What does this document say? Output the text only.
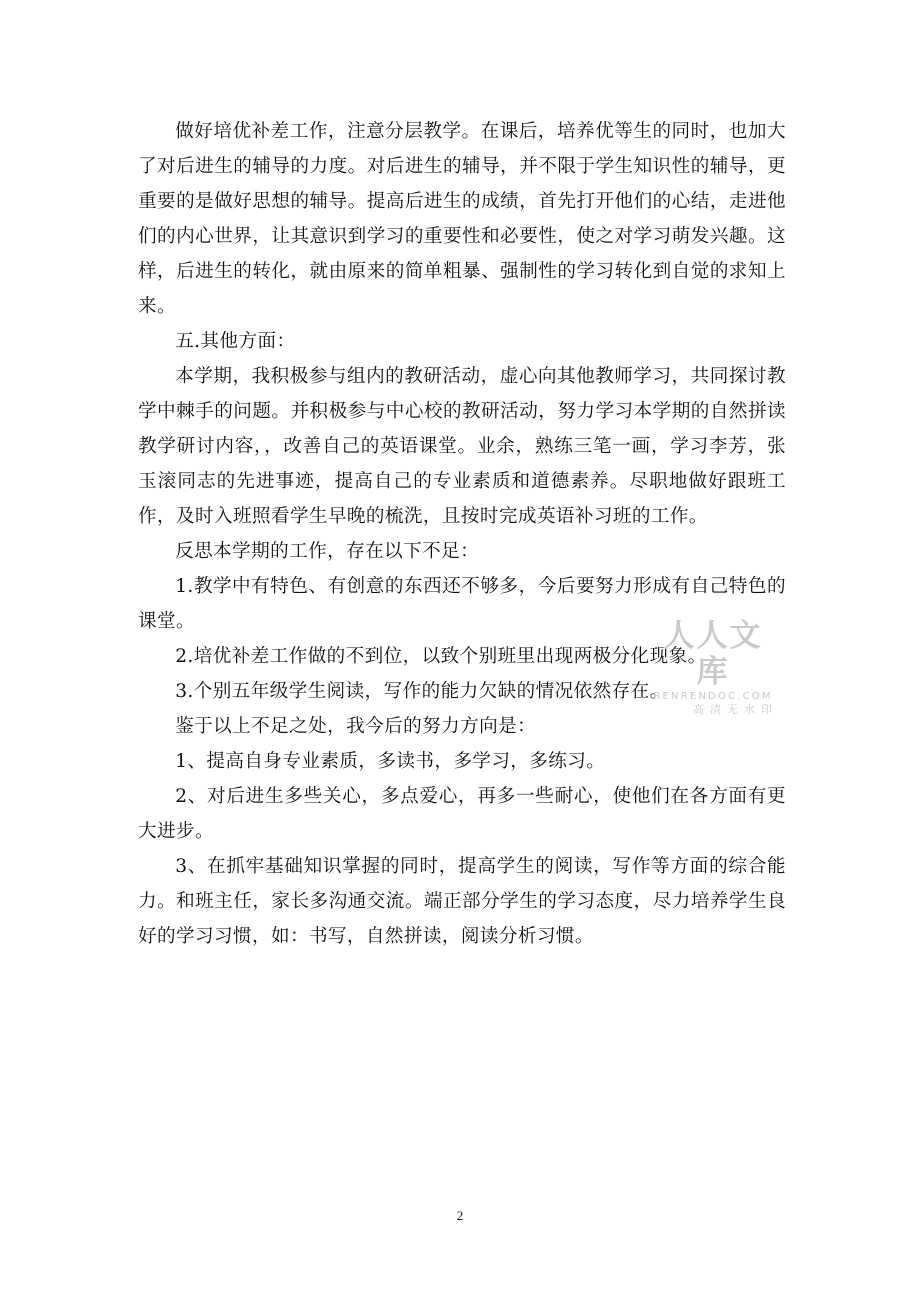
做好培优补差工作，注意分层教学。在课后，培养优等生的同时，也加大了对后进生的辅导的力度。对后进生的辅导，并不限于学生知识性的辅导，更重要的是做好思想的辅导。提高后进生的成绩，首先打开他们的心结，走进他们的内心世界，让其意识到学习的重要性和必要性，使之对学习萌发兴趣。这样，后进生的转化，就由原来的简单粗暴、强制性的学习转化到自觉的求知上来。

五.其他方面：

本学期，我积极参与组内的教研活动，虚心向其他教师学习，共同探讨教学中棘手的问题。并积极参与中心校的教研活动，努力学习本学期的自然拼读教学研讨内容，，改善自己的英语课堂。业余，熟练三笔一画，学习李芳，张玉滚同志的先进事迹，提高自己的专业素质和道德素养。尽职地做好跟班工作，及时入班照看学生早晚的梳洗，且按时完成英语补习班的工作。

反思本学期的工作，存在以下不足：

1.教学中有特色、有创意的东西还不够多，今后要努力形成有自己特色的课堂。

2.培优补差工作做的不到位，以致个别班里出现两极分化现象。

3.个别五年级学生阅读，写作的能力欠缺的情况依然存在。

鉴于以上不足之处，我今后的努力方向是：

1、提高自身专业素质，多读书，多学习，多练习。

2、对后进生多些关心，多点爱心，再多一些耐心，使他们在各方面有更大进步。

3、在抓牢基础知识掌握的同时，提高学生的阅读，写作等方面的综合能力。和班主任，家长多沟通交流。端正部分学生的学习态度，尽力培养学生良好的学习习惯，如：书写，自然拼读，阅读分析习惯。

人人文库
RENRENDOC.COM
高清无水印
2
